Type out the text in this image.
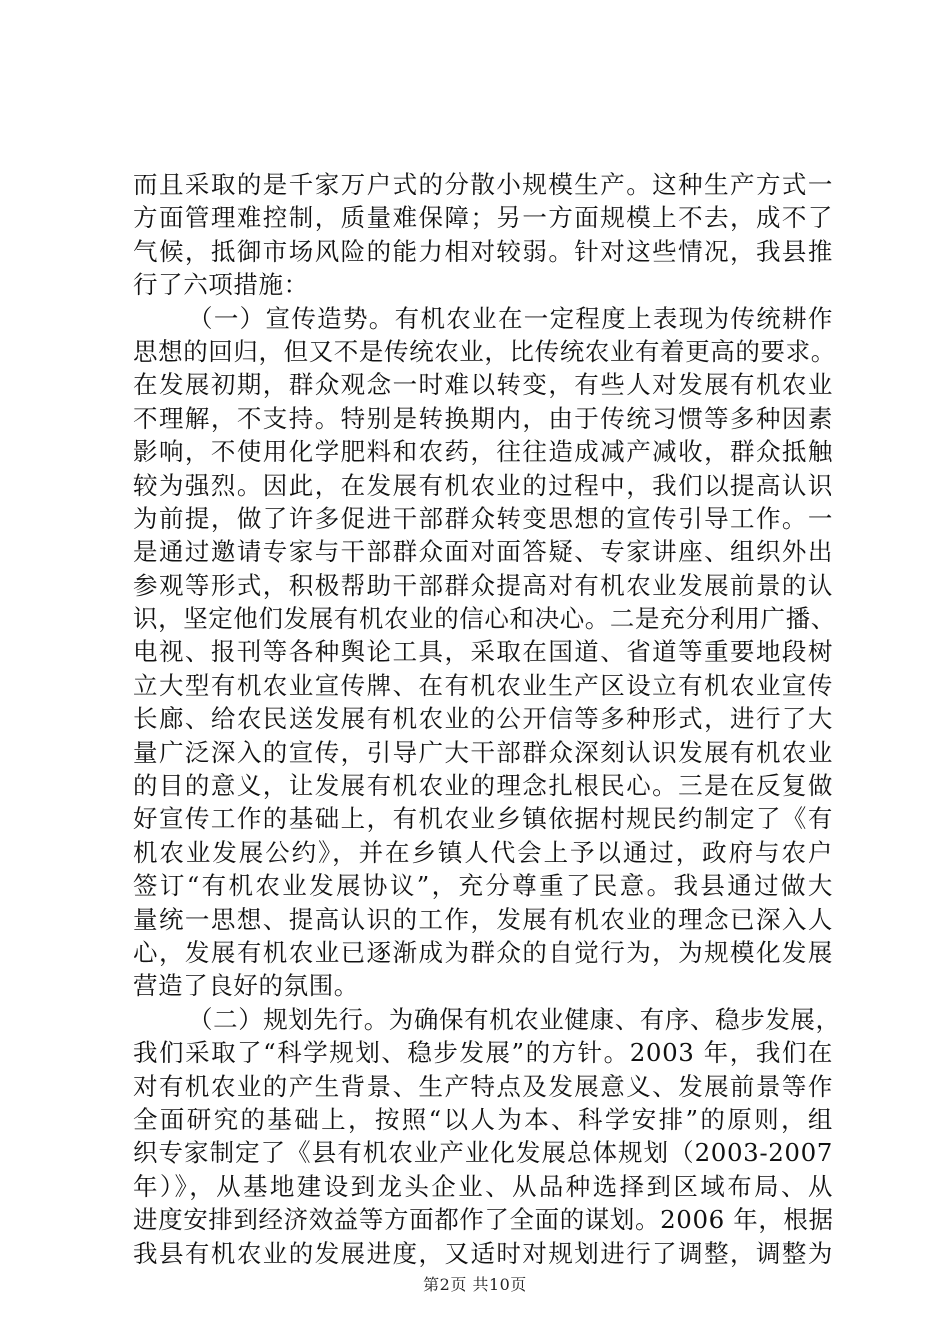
而且采取的是千家万户式的分散小规模生产。这种生产方式一
方面管理难控制，质量难保障；另一方面规模上不去，成不了
气候，抵御市场风险的能力相对较弱。针对这些情况，我县推
行了六项措施：
（一）宣传造势。有机农业在一定程度上表现为传统耕作
思想的回归，但又不是传统农业，比传统农业有着更高的要求。
在发展初期，群众观念一时难以转变，有些人对发展有机农业
不理解，不支持。特别是转换期内，由于传统习惯等多种因素
影响，不使用化学肥料和农药，往往造成减产减收，群众抵触
较为强烈。因此，在发展有机农业的过程中，我们以提高认识
为前提，做了许多促进干部群众转变思想的宣传引导工作。一
是通过邀请专家与干部群众面对面答疑、专家讲座、组织外出
参观等形式，积极帮助干部群众提高对有机农业发展前景的认
识，坚定他们发展有机农业的信心和决心。二是充分利用广播、
电视、报刊等各种舆论工具，采取在国道、省道等重要地段树
立大型有机农业宣传牌、在有机农业生产区设立有机农业宣传
长廊、给农民送发展有机农业的公开信等多种形式，进行了大
量广泛深入的宣传，引导广大干部群众深刻认识发展有机农业
的目的意义，让发展有机农业的理念扎根民心。三是在反复做
好宣传工作的基础上，有机农业乡镇依据村规民约制定了《有
机农业发展公约》，并在乡镇人代会上予以通过，政府与农户
签订“有机农业发展协议”，充分尊重了民意。我县通过做大
量统一思想、提高认识的工作，发展有机农业的理念已深入人
心，发展有机农业已逐渐成为群众的自觉行为，为规模化发展
营造了良好的氛围。
（二）规划先行。为确保有机农业健康、有序、稳步发展，
我们采取了“科学规划、稳步发展”的方针。2003 年，我们在
对有机农业的产生背景、生产特点及发展意义、发展前景等作
全面研究的基础上，按照“以人为本、科学安排”的原则，组
织专家制定了《县有机农业产业化发展总体规划（2003-2007
年）》，从基地建设到龙头企业、从品种选择到区域布局、从
进度安排到经济效益等方面都作了全面的谋划。2006 年，根据
我县有机农业的发展进度，又适时对规划进行了调整，调整为
第2页 共10页
